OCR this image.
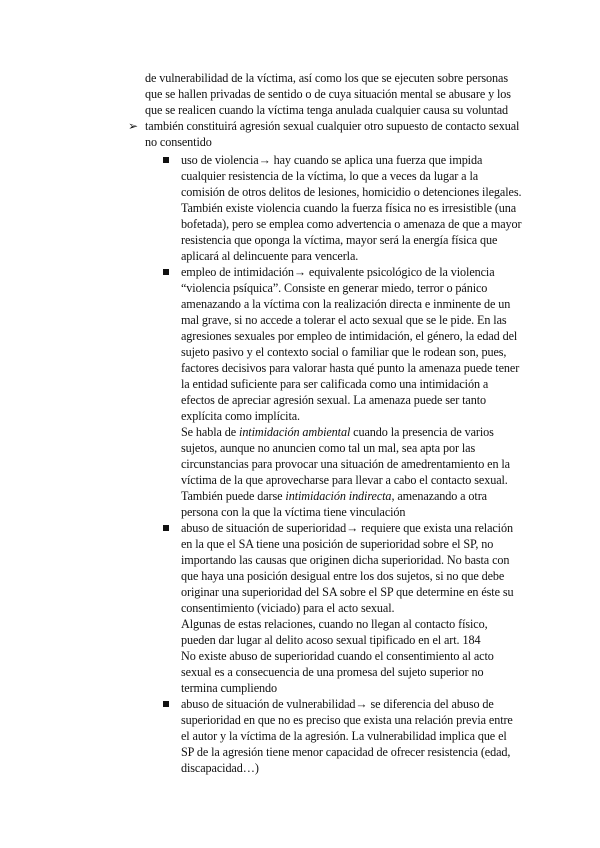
de vulnerabilidad de la víctima, así como los que se ejecuten sobre personas
que se hallen privadas de sentido o de cuya situación mental se abusare y los
que se realicen cuando la víctima tenga anulada cualquier causa su voluntad
➢ también constituirá agresión sexual cualquier otro supuesto de contacto sexual
no consentido
uso de violencia→ hay cuando se aplica una fuerza que impida
cualquier resistencia de la víctima, lo que a veces da lugar a la
comisión de otros delitos de lesiones, homicidio o detenciones ilegales.
También existe violencia cuando la fuerza física no es irresistible (una
bofetada), pero se emplea como advertencia o amenaza de que a mayor
resistencia que oponga la víctima, mayor será la energía física que
aplicará al delincuente para vencerla.
empleo de intimidación→ equivalente psicológico de la violencia
“violencia psíquica”. Consiste en generar miedo, terror o pánico
amenazando a la víctima con la realización directa e inminente de un
mal grave, si no accede a tolerar el acto sexual que se le pide. En las
agresiones sexuales por empleo de intimidación, el género, la edad del
sujeto pasivo y el contexto social o familiar que le rodean son, pues,
factores decisivos para valorar hasta qué punto la amenaza puede tener
la entidad suficiente para ser calificada como una intimidación a
efectos de apreciar agresión sexual. La amenaza puede ser tanto
explícita como implícita.
Se habla de intimidación ambiental cuando la presencia de varios
sujetos, aunque no anuncien como tal un mal, sea apta por las
circunstancias para provocar una situación de amedrentamiento en la
víctima de la que aprovecharse para llevar a cabo el contacto sexual.
También puede darse intimidación indirecta, amenazando a otra
persona con la que la víctima tiene vinculación
abuso de situación de superioridad→ requiere que exista una relación
en la que el SA tiene una posición de superioridad sobre el SP, no
importando las causas que originen dicha superioridad. No basta con
que haya una posición desigual entre los dos sujetos, si no que debe
originar una superioridad del SA sobre el SP que determine en éste su
consentimiento (viciado) para el acto sexual.
Algunas de estas relaciones, cuando no llegan al contacto físico,
pueden dar lugar al delito acoso sexual tipificado en el art. 184
No existe abuso de superioridad cuando el consentimiento al acto
sexual es a consecuencia de una promesa del sujeto superior no
termina cumpliendo
abuso de situación de vulnerabilidad→ se diferencia del abuso de
superioridad en que no es preciso que exista una relación previa entre
el autor y la víctima de la agresión. La vulnerabilidad implica que el
SP de la agresión tiene menor capacidad de ofrecer resistencia (edad,
discapacidad…)
